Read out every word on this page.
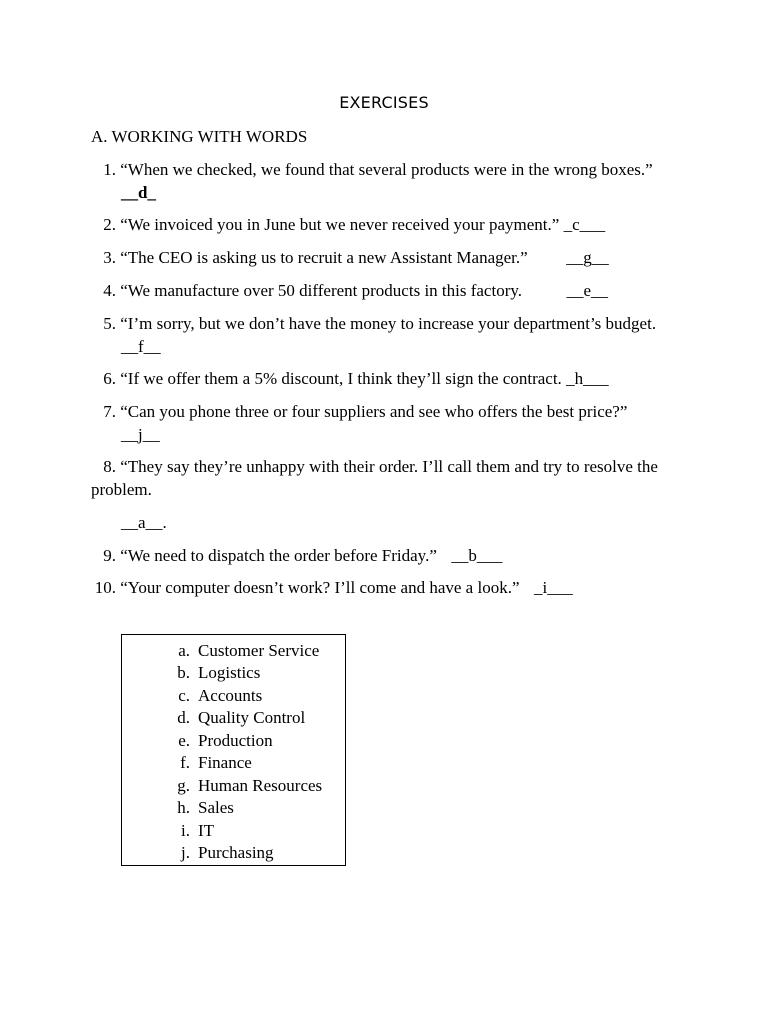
EXERCISES
A. WORKING WITH WORDS
1. “When we checked, we found that several products were in the wrong boxes.”
__d_
2. “We invoiced you in June but we never received your payment.” _c___
3. “The CEO is asking us to recruit a new Assistant Manager.” __g__
4. “We manufacture over 50 different products in this factory.	__e__
5. “I’m sorry, but we don’t have the money to increase your department’s budget.
__f__
6. “If we offer them a 5% discount, I think they’ll sign the contract. _h___
7. “Can you phone three or four suppliers and see who offers the best price?”
__j__
8. “They say they’re unhappy with their order. I’ll call them and try to resolve the
problem.
__a__.
9. “We need to dispatch the order before Friday.” __b___
10. “Your computer doesn’t work? I’ll come and have a look.” _i___
a. Customer Service
b. Logistics
c. Accounts
d. Quality Control
e. Production
f. Finance
g. Human Resources
h. Sales
i. IT
j. Purchasing
